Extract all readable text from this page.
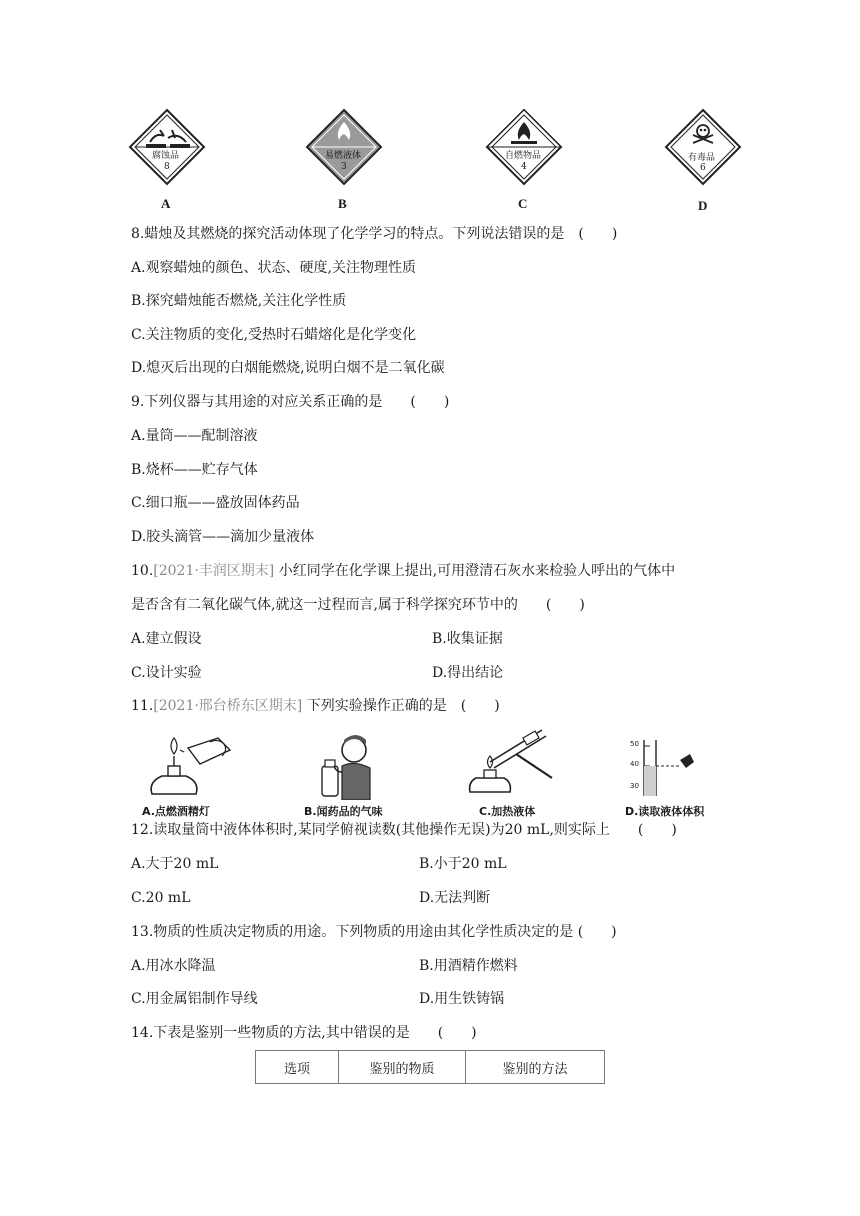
腐蚀品
8
A
易燃液体
3
B
自燃物品
4
C
有毒品
6
D
8.蜡烛及其燃烧的探究活动体现了化学学习的特点。下列说法错误的是　(　　)
A.观察蜡烛的颜色、状态、硬度,关注物理性质
B.探究蜡烛能否燃烧,关注化学性质
C.关注物质的变化,受热时石蜡熔化是化学变化
D.熄灭后出现的白烟能燃烧,说明白烟不是二氧化碳
9.下列仪器与其用途的对应关系正确的是　　(　　)
A.量筒——配制溶液
B.烧杯——贮存气体
C.细口瓶——盛放固体药品
D.胶头滴管——滴加少量液体
10.[2021·丰润区期末] 小红同学在化学课上提出,可用澄清石灰水来检验人呼出的气体中
是否含有二氧化碳气体,就这一过程而言,属于科学探究环节中的　　(　　)
A.建立假设	B.收集证据
C.设计实验	D.得出结论
11.[2021·邢台桥东区期末] 下列实验操作正确的是　(　　)
A.点燃酒精灯	B.闻药品的气味	C.加热液体
50
40
30
D.读取液体体积
12.读取量筒中液体体积时,某同学俯视读数(其他操作无误)为20 mL,则实际上　　(　　)
A.大于20 mL	B.小于20 mL
C.20 mL	D.无法判断
13.物质的性质决定物质的用途。下列物质的用途由其化学性质决定的是 (　　)
A.用冰水降温	B.用酒精作燃料
C.用金属铝制作导线	D.用生铁铸锅
14.下表是鉴别一些物质的方法,其中错误的是　　(　　)
选项	鉴别的物质	鉴别的方法
